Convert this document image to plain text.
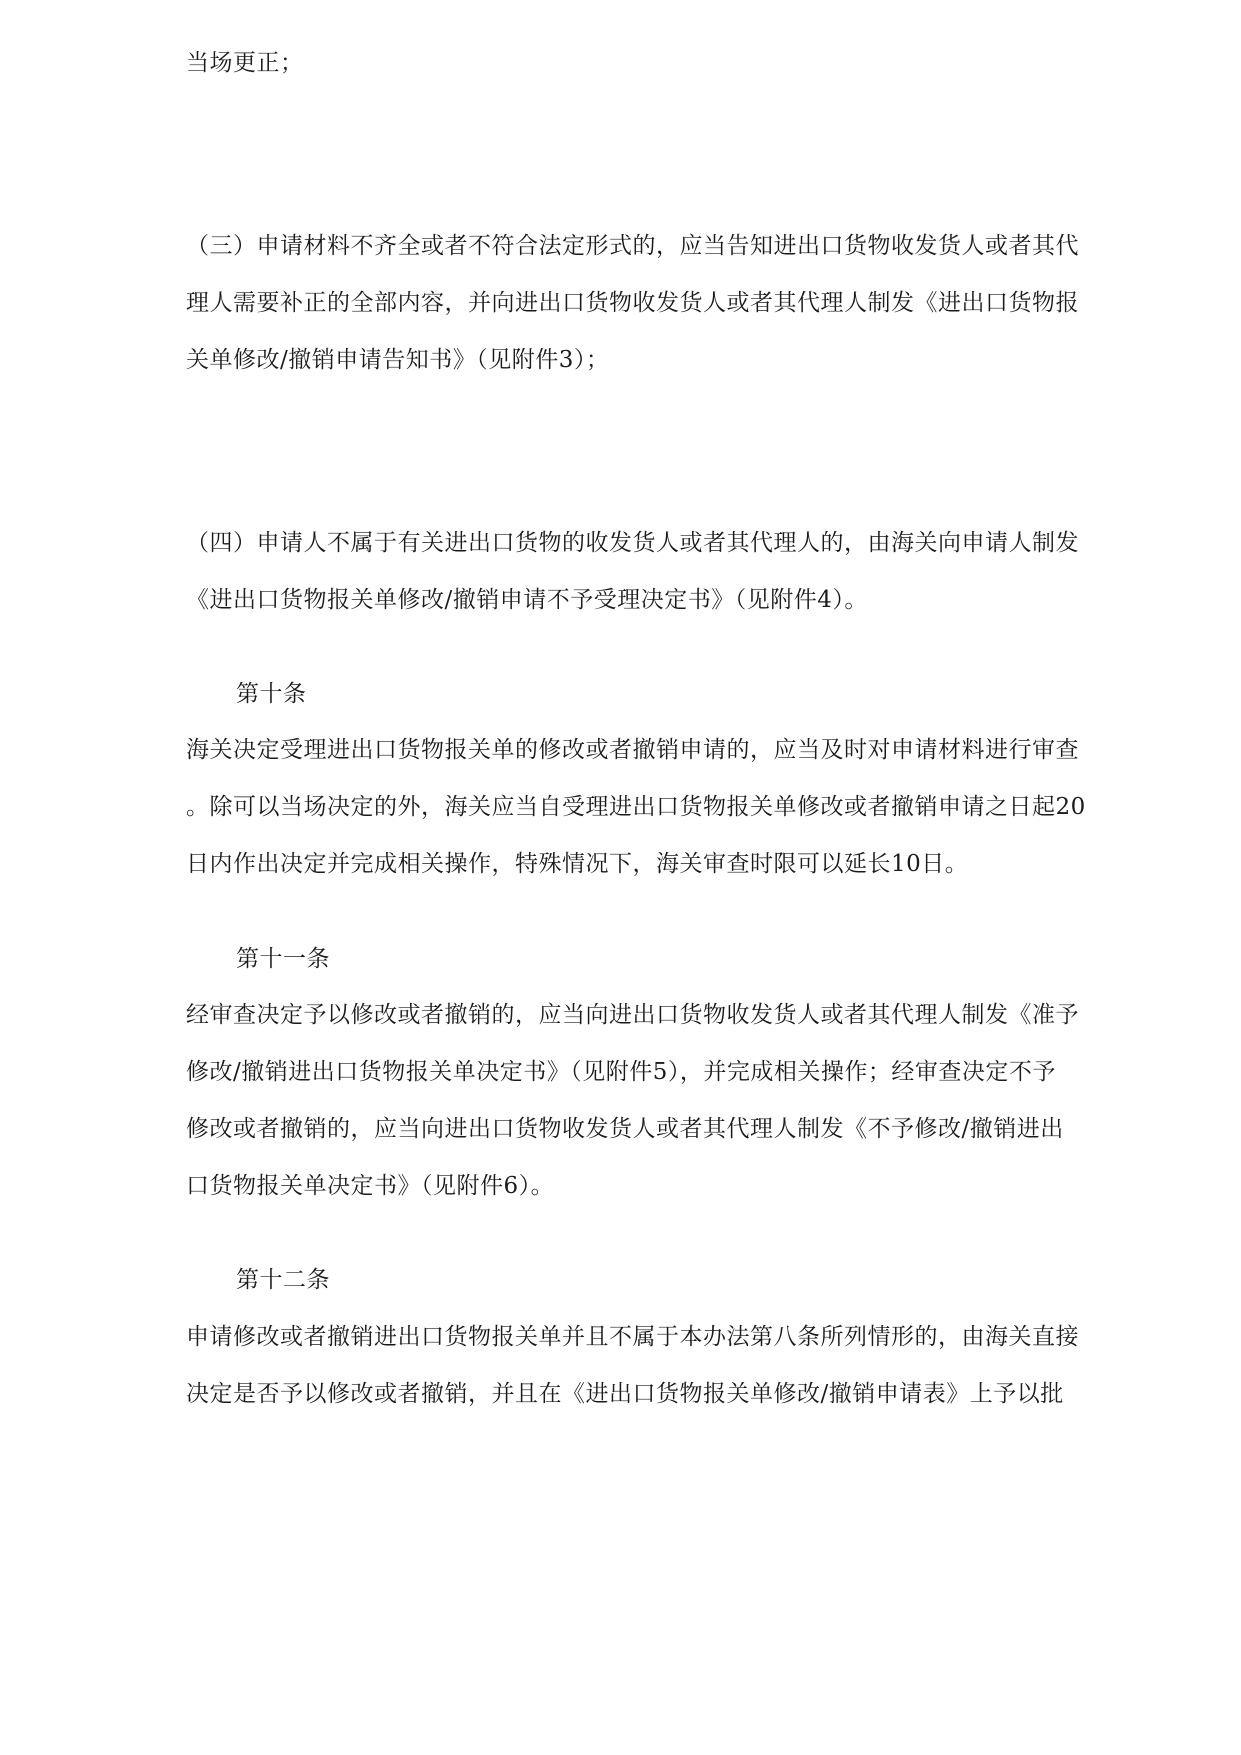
当场更正；
（三）申请材料不齐全或者不符合法定形式的，应当告知进出口货物收发货人或者其代
理人需要补正的全部内容，并向进出口货物收发货人或者其代理人制发《进出口货物报
关单修改/撤销申请告知书》（见附件3）；
（四）申请人不属于有关进出口货物的收发货人或者其代理人的，由海关向申请人制发
《进出口货物报关单修改/撤销申请不予受理决定书》（见附件4）。
第十条
海关决定受理进出口货物报关单的修改或者撤销申请的，应当及时对申请材料进行审查
。除可以当场决定的外，海关应当自受理进出口货物报关单修改或者撤销申请之日起20
日内作出决定并完成相关操作，特殊情况下，海关审查时限可以延长10日。
第十一条
经审查决定予以修改或者撤销的，应当向进出口货物收发货人或者其代理人制发《准予
修改/撤销进出口货物报关单决定书》（见附件5），并完成相关操作；经审查决定不予
修改或者撤销的，应当向进出口货物收发货人或者其代理人制发《不予修改/撤销进出
口货物报关单决定书》（见附件6）。
第十二条
申请修改或者撤销进出口货物报关单并且不属于本办法第八条所列情形的，由海关直接
决定是否予以修改或者撤销，并且在《进出口货物报关单修改/撤销申请表》上予以批
